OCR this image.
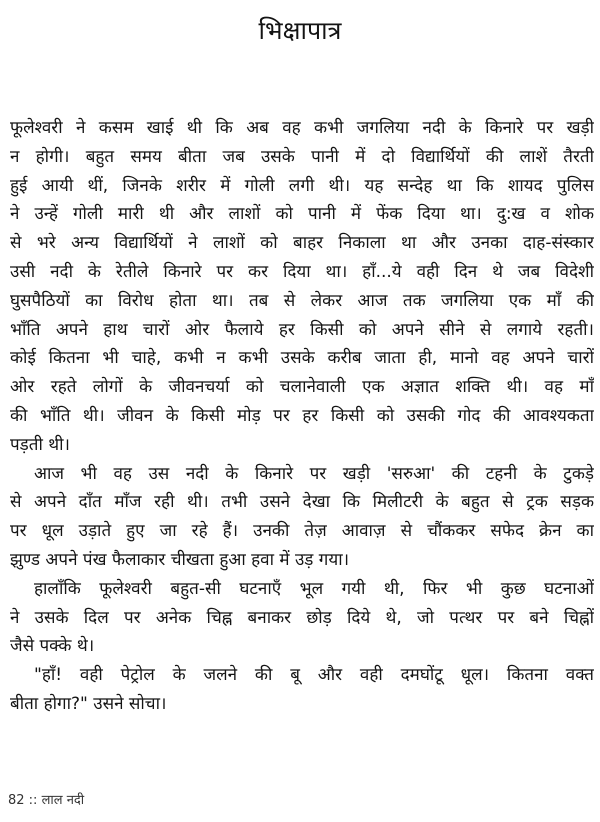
भिक्षापात्र
फूलेश्वरी ने कसम खाई थी कि अब वह कभी जगलिया नदी के किनारे पर खड़ी
न होगी। बहुत समय बीता जब उसके पानी में दो विद्यार्थियों की लाशें तैरती
हुई आयी थीं, जिनके शरीर में गोली लगी थी। यह सन्देह था कि शायद पुलिस
ने उन्हें गोली मारी थी और लाशों को पानी में फेंक दिया था। दु:ख व शोक
से भरे अन्य विद्यार्थियों ने लाशों को बाहर निकाला था और उनका दाह-संस्कार
उसी नदी के रेतीले किनारे पर कर दिया था। हाँ...ये वही दिन थे जब विदेशी
घुसपैठियों का विरोध होता था। तब से लेकर आज तक जगलिया एक माँ की
भाँति अपने हाथ चारों ओर फैलाये हर किसी को अपने सीने से लगाये रहती।
कोई कितना भी चाहे, कभी न कभी उसके करीब जाता ही, मानो वह अपने चारों
ओर रहते लोगों के जीवनचर्या को चलानेवाली एक अज्ञात शक्ति थी। वह माँ
की भाँति थी। जीवन के किसी मोड़ पर हर किसी को उसकी गोद की आवश्यकता
पड़ती थी।
आज भी वह उस नदी के किनारे पर खड़ी 'सरुआ' की टहनी के टुकड़े
से अपने दाँत माँज रही थी। तभी उसने देखा कि मिलीटरी के बहुत से ट्रक सड़क
पर धूल उड़ाते हुए जा रहे हैं। उनकी तेज़ आवाज़ से चौंककर सफेद क्रेन का
झुण्ड अपने पंख फैलाकार चीखता हुआ हवा में उड़ गया।
हालाँकि फूलेश्वरी बहुत-सी घटनाएँ भूल गयी थी, फिर भी कुछ घटनाओं
ने उसके दिल पर अनेक चिह्न बनाकर छोड़ दिये थे, जो पत्थर पर बने चिह्नों
जैसे पक्के थे।
"हाँ! वही पेट्रोल के जलने की बू और वही दमघोंटू धूल। कितना वक्त
बीता होगा?" उसने सोचा।
82 :: लाल नदी
